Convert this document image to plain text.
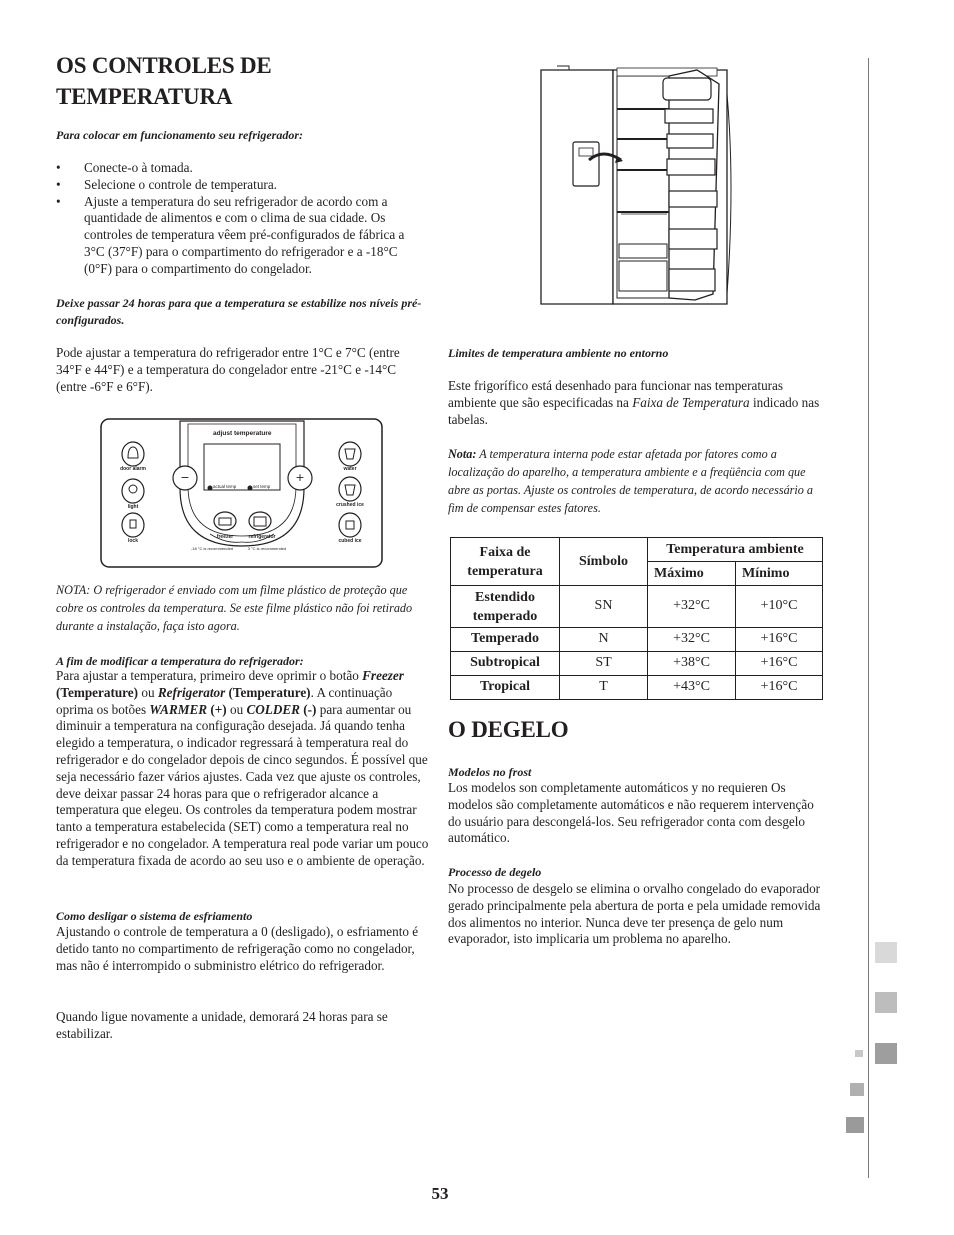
OS CONTROLES DE TEMPERATURA
Para colocar em funcionamento seu refrigerador:
• Conecte-o à tomada.
• Selecione o controle de temperatura.
• Ajuste a temperatura do seu refrigerador de acordo com a quantidade de alimentos e com o clima de sua cidade. Os controles de temperatura vêem pré-configurados de fábrica a 3°C (37°F) para o compartimento do refrigerador e a -18°C (0°F) para o compartimento do congelador.
Deixe passar 24 horas para que a temperatura se estabilize nos níveis pré-configurados.

Pode ajustar a temperatura do refrigerador entre 1°C e 7°C (entre 34°F e 44°F) e a temperatura do congelador entre -21°C e -14°C (entre -6°F e 6°F).

adjust temperature
actual temp	set temp
−	+
door alarm
light
lock
water
crushed ice
cubed ice
freezer	refrigerator
-18 °C is recommended	3 °C is recommended

NOTA: O refrigerador é enviado com um filme plástico de proteção que cobre os controles da temperatura. Se este filme plástico não foi retirado durante a instalação, faça isto agora.

A fim de modificar a temperatura do refrigerador:

Para ajustar a temperatura, primeiro deve oprimir o botão Freezer (Temperature) ou Refrigerator (Temperature). A continuação oprima os botões WARMER (+) ou COLDER (-) para aumentar ou diminuir a temperatura na configuração desejada. Já quando tenha elegido a temperatura, o indicador regressará à temperatura real do refrigerador e do congelador depois de cinco segundos. É possível que seja necessário fazer vários ajustes. Cada vez que ajuste os controles, deve deixar passar 24 horas para que o refrigerador alcance a temperatura que elegeu. Os controles da temperatura podem mostrar tanto a temperatura estabelecida (SET) como a temperatura real no refrigerador e no congelador. A temperatura real pode variar um pouco da temperatura fixada de acordo ao seu uso e o ambiente de operação.

Como desligar o sistema de esfriamento

Ajustando o controle de temperatura a 0 (desligado), o esfriamento é detido tanto no compartimento de refrigeração como no congelador, mas não é interrompido o subministro elétrico do refrigerador.

Quando ligue novamente a unidade, demorará 24 horas para se estabilizar.

Limites de temperatura ambiente no entorno

Este frigorífico está desenhado para funcionar nas temperaturas ambiente que são especificadas na Faixa de Temperatura indicado nas tabelas.

Nota: A temperatura interna pode estar afetada por fatores como a localização do aparelho, a temperatura ambiente e a freqüência com que abre as portas. Ajuste os controles de temperatura, de acordo necessário a fim de compensar estes fatores.

Faixa de temperatura	Símbolo	Temperatura ambiente	
		Máximo	Mínimo
Estendido temperado	SN	+32°C	+10°C
Temperado	N	+32°C	+16°C
Subtropical	ST	+38°C	+16°C
Tropical	T	+43°C	+16°C
O DEGELO
Modelos no frost

Los modelos son completamente automáticos y no requieren Os modelos são completamente automáticos e não requerem intervenção do usuário para descongelá-los. Seu refrigerador conta com desgelo automático.

Processo de degelo

No processo de desgelo se elimina o orvalho congelado do evaporador gerado principalmente pela abertura de porta e pela umidade removida dos alimentos no interior. Nunca deve ter presença de gelo num evaporador, isto implicaria um problema no aparelho.

53
